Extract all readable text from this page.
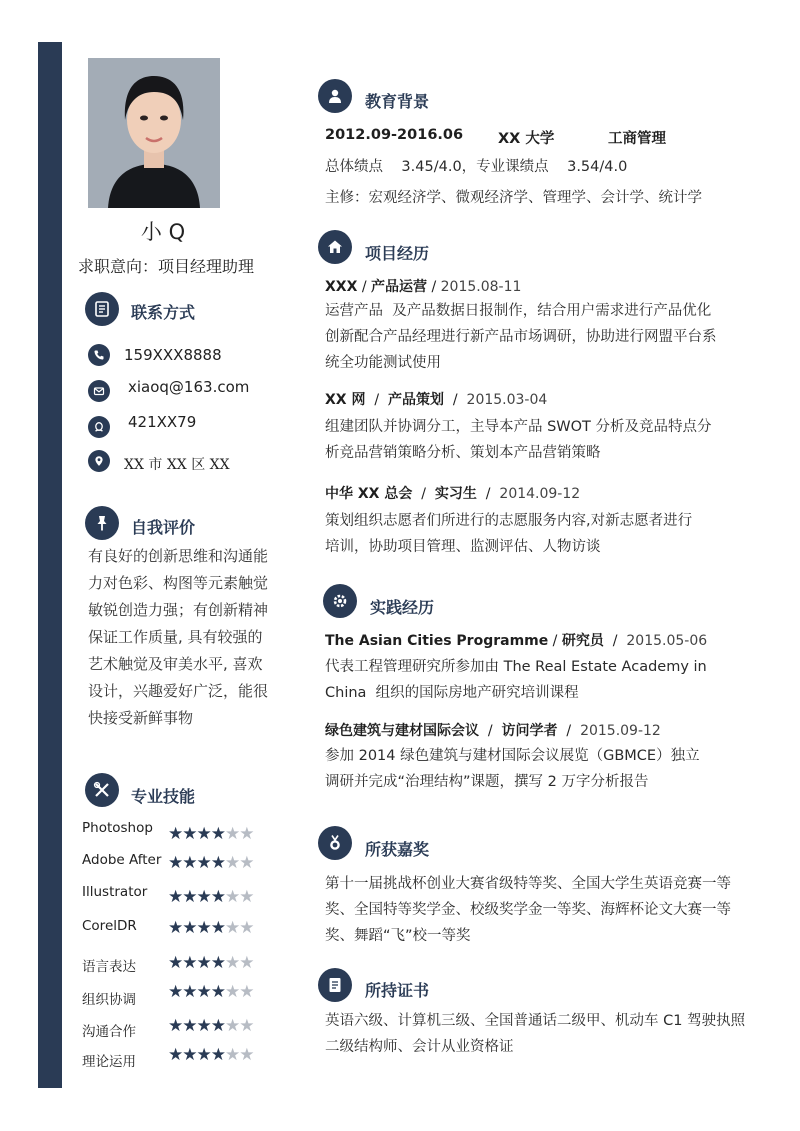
小 Q
求职意向：项目经理助理
联系方式
159XXX8888
xiaoq@163.com
421XX79
XX 市 XX 区 XX
自我评价
有良好的创新思维和沟通能
力对色彩、构图等元素触觉
敏锐创造力强；有创新精神
保证工作质量, 具有较强的
艺术触觉及审美水平, 喜欢
设计，兴趣爱好广泛，能很
快接受新鲜事物
专业技能
Photoshop ★★★★★★
Adobe After ★★★★★★
Illustrator ★★★★★★
CorelDR ★★★★★★
语言表达 ★★★★★★
组织协调 ★★★★★★
沟通合作 ★★★★★★
理论运用 ★★★★★★
教育背景
2012.09-2016.06 XX 大学	工商管理
总体绩点    3.45/4.0，专业课绩点    3.54/4.0
主修：宏观经济学、微观经济学、管理学、会计学、统计学
项目经历
XXX / 产品运营 / 2015.08-11
运营产品  及产品数据日报制作，结合用户需求进行产品优化
创新配合产品经理进行新产品市场调研，协助进行网盟平台系
统全功能测试使用
XX 网  /  产品策划  /  2015.03-04
组建团队并协调分工，主导本产品 SWOT 分析及竞品特点分
析竞品营销策略分析、策划本产品营销策略
中华 XX 总会  /  实习生  /  2014.09-12
策划组织志愿者们所进行的志愿服务内容,对新志愿者进行
培训，协助项目管理、监测评估、人物访谈
实践经历
The Asian Cities Programme / 研究员  /  2015.05-06
代表工程管理研究所参加由 The Real Estate Academy in
China  组织的国际房地产研究培训课程
绿色建筑与建材国际会议  /  访问学者  /  2015.09-12
参加 2014 绿色建筑与建材国际会议展览（GBMCE）独立
调研并完成“治理结构”课题，撰写 2 万字分析报告
所获嘉奖
第十一届挑战杯创业大赛省级特等奖、全国大学生英语竞赛一等
奖、全国特等奖学金、校级奖学金一等奖、海辉杯论文大赛一等
奖、舞蹈“飞”校一等奖
所持证书
英语六级、计算机三级、全国普通话二级甲、机动车 C1 驾驶执照
二级结构师、会计从业资格证
